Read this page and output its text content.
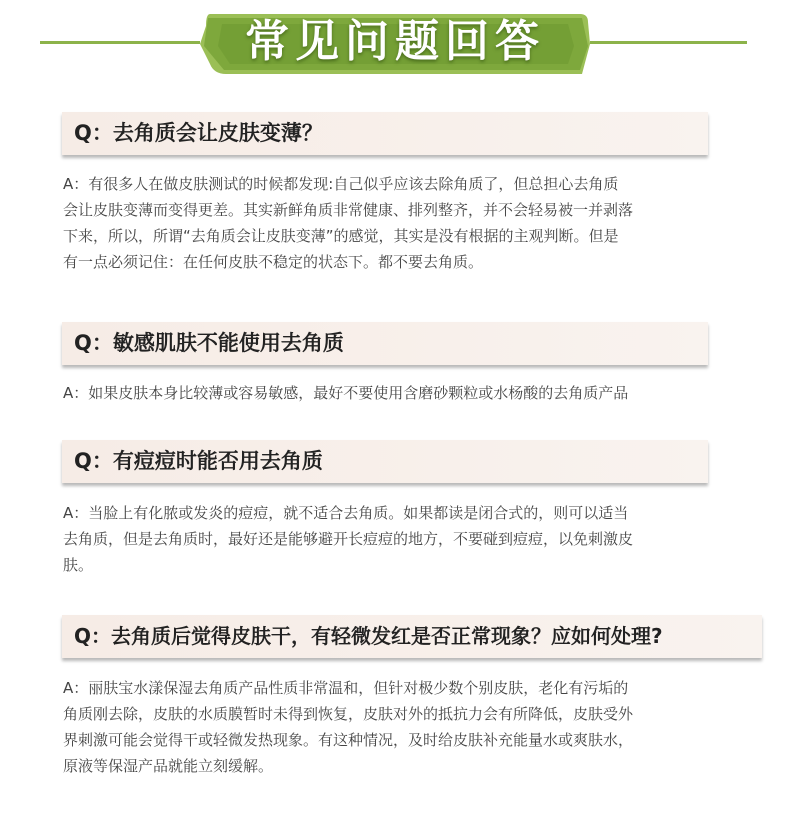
常见问题回答
Q：去角质会让皮肤变薄？
A：有很多人在做皮肤测试的时候都发现:自己似乎应该去除角质了，但总担心去角质
会让皮肤变薄而变得更差。其实新鲜角质非常健康、排列整齐，并不会轻易被一并剥落
下来，所以，所谓“去角质会让皮肤变薄”的感觉，其实是没有根据的主观判断。但是
有一点必须记住：在任何皮肤不稳定的状态下。都不要去角质。
Q：敏感肌肤不能使用去角质
A：如果皮肤本身比较薄或容易敏感，最好不要使用含磨砂颗粒或水杨酸的去角质产品
Q：有痘痘时能否用去角质
A：当脸上有化脓或发炎的痘痘，就不适合去角质。如果都读是闭合式的，则可以适当
去角质，但是去角质时，最好还是能够避开长痘痘的地方，不要碰到痘痘，以免刺激皮
肤。
Q：去角质后觉得皮肤干，有轻微发红是否正常现象？应如何处理?
A：丽肤宝水漾保湿去角质产品性质非常温和，但针对极少数个别皮肤，老化有污垢的
角质刚去除，皮肤的水质膜暂时未得到恢复，皮肤对外的抵抗力会有所降低，皮肤受外
界刺激可能会觉得干或轻微发热现象。有这种情况，及时给皮肤补充能量水或爽肤水，
原液等保湿产品就能立刻缓解。
